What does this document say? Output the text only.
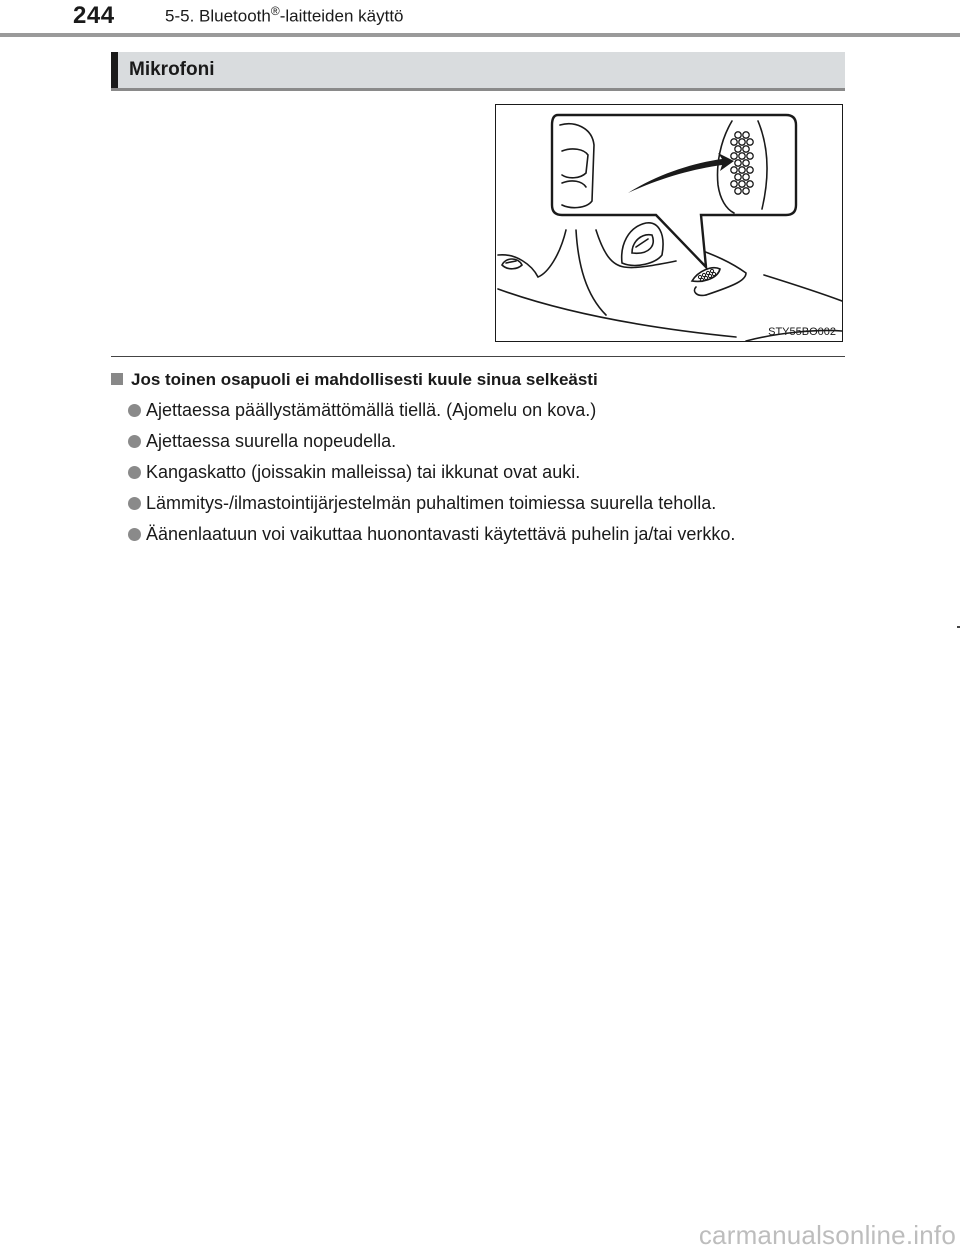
244	5-5. Bluetooth®-laitteiden käyttö
Mikrofoni
STY55BO002
Jos toinen osapuoli ei mahdollisesti kuule sinua selkeästi
Ajettaessa päällystämättömällä tiellä. (Ajomelu on kova.)
Ajettaessa suurella nopeudella.
Kangaskatto (joissakin malleissa) tai ikkunat ovat auki.
Lämmitys-/ilmastointijärjestelmän puhaltimen toimiessa suurella teholla.
Äänenlaatuun voi vaikuttaa huonontavasti käytettävä puhelin ja/tai verkko.
carmanualsonline.info
